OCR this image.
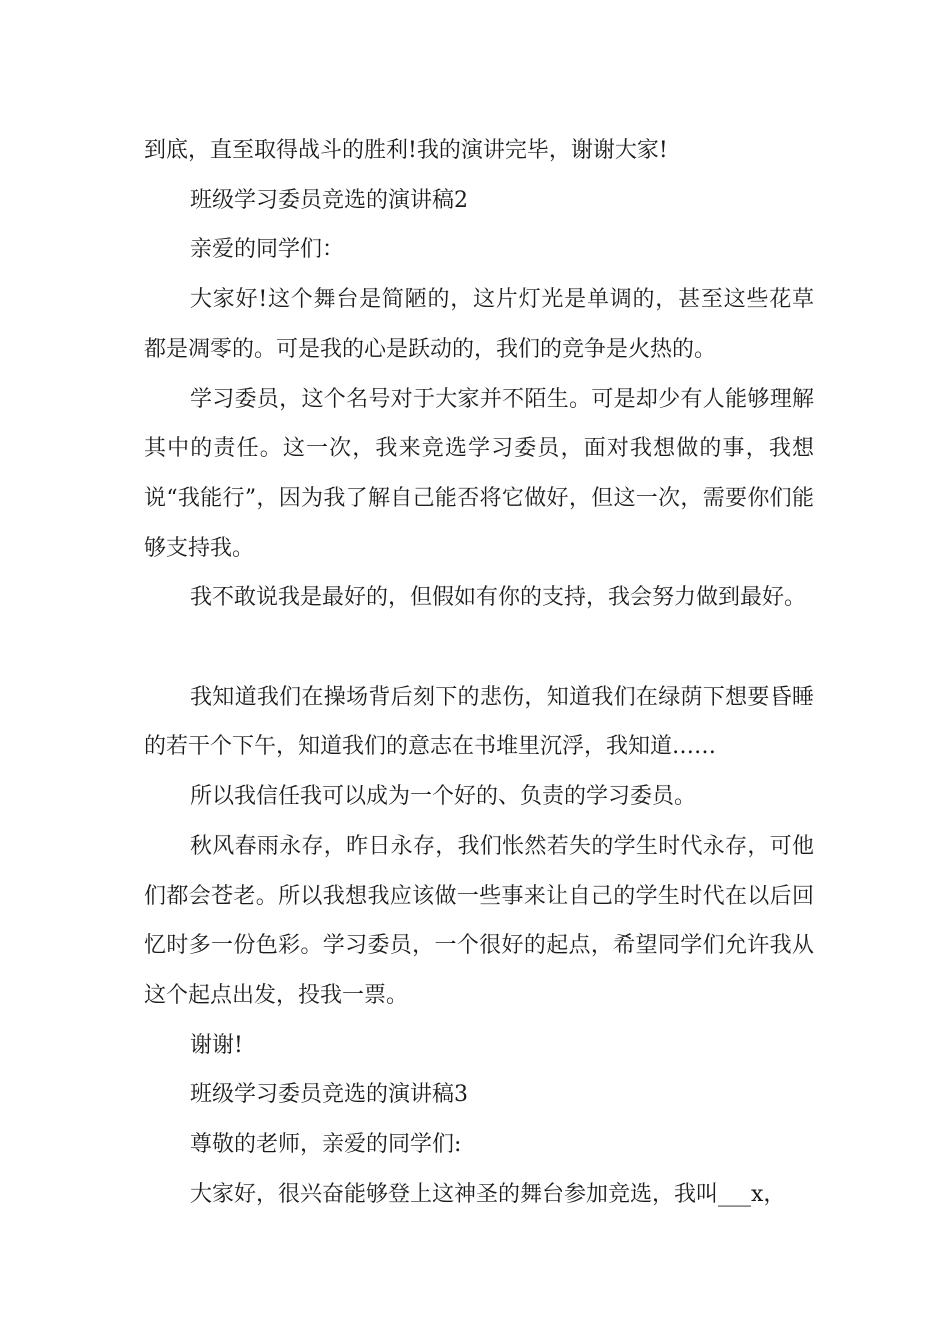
到底，直至取得战斗的胜利!我的演讲完毕，谢谢大家!

班级学习委员竞选的演讲稿2

亲爱的同学们：

大家好!这个舞台是简陋的，这片灯光是单调的，甚至这些花草都是凋零的。可是我的心是跃动的，我们的竞争是火热的。

学习委员，这个名号对于大家并不陌生。可是却少有人能够理解其中的责任。这一次，我来竞选学习委员，面对我想做的事，我想说“我能行”，因为我了解自己能否将它做好，但这一次，需要你们能够支持我。

我不敢说我是最好的，但假如有你的支持，我会努力做到最好。

我知道我们在操场背后刻下的悲伤，知道我们在绿荫下想要昏睡的若干个下午，知道我们的意志在书堆里沉浮，我知道……

所以我信任我可以成为一个好的、负责的学习委员。

秋风春雨永存，昨日永存，我们怅然若失的学生时代永存，可他们都会苍老。所以我想我应该做一些事来让自己的学生时代在以后回忆时多一份色彩。学习委员，一个很好的起点，希望同学们允许我从这个起点出发，投我一票。

谢谢!

班级学习委员竞选的演讲稿3

尊敬的老师，亲爱的同学们:

大家好，很兴奋能够登上这神圣的舞台参加竞选，我叫___x，
